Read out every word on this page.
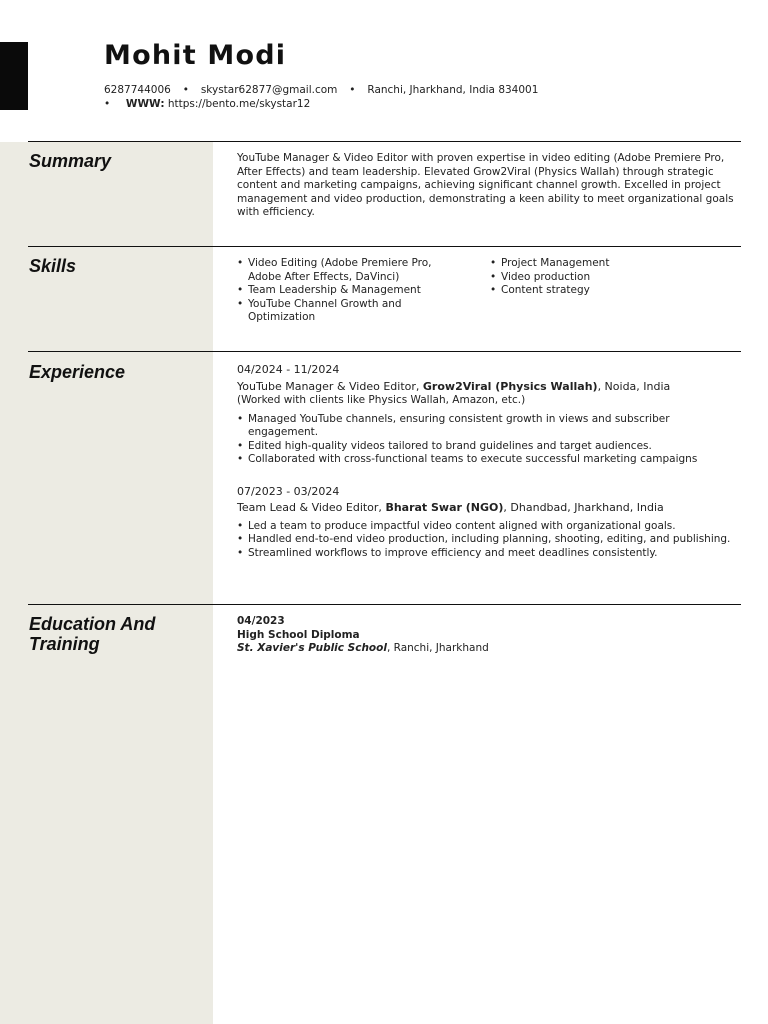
Mohit Modi
6287744006 • skystar62877@gmail.com • Ranchi, Jharkhand, India 834001
• WWW: https://bento.me/skystar12
Summary	YouTube Manager & Video Editor with proven expertise in video editing (Adobe Premiere Pro, After Effects) and team leadership. Elevated Grow2Viral (Physics Wallah) through strategic content and marketing campaigns, achieving significant channel growth. Excelled in project management and video production, demonstrating a keen ability to meet organizational goals with efficiency.

Skills
•	Video Editing (Adobe Premiere Pro, Adobe After Effects, DaVinci)
• Team Leadership & Management
• YouTube Channel Growth and Optimization
• Project Management
• Video production
• Content strategy
Experience	04/2024 - 11/2024
YouTube Manager & Video Editor, Grow2Viral (Physics Wallah), Noida, India
(Worked with clients like Physics Wallah, Amazon, etc.)
• Managed YouTube channels, ensuring consistent growth in views and subscriber engagement.
• Edited high-quality videos tailored to brand guidelines and target audiences.
• Collaborated with cross-functional teams to execute successful marketing campaigns
07/2023 - 03/2024
Team Lead & Video Editor, Bharat Swar (NGO), Dhandbad, Jharkhand, India
• Led a team to produce impactful video content aligned with organizational goals.
• Handled end-to-end video production, including planning, shooting, editing, and publishing.
• Streamlined workflows to improve efficiency and meet deadlines consistently.
Education And Training
04/2023
High School Diploma
St. Xavier's Public School, Ranchi, Jharkhand
